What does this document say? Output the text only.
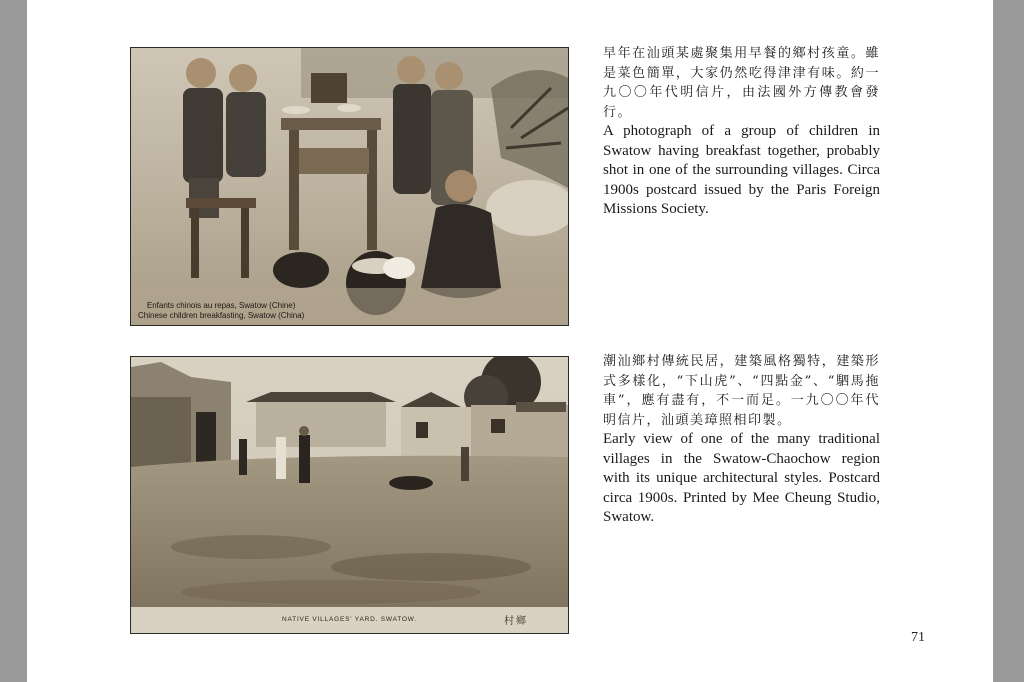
Enfants chinois au repas, Swatow (Chine)
Chinese children breakfasting, Swatow (China)
早年在汕頭某處聚集用早餐的鄉村孩童。雖是菜色簡單，大家仍然吃得津津有味。約一九〇〇年代明信片，由法國外方傳教會發行。
A photograph of a group of children in Swatow having breakfast together, probably shot in one of the surrounding villages. Circa 1900s postcard issued by the Paris Foreign Missions Society.
NATIVE VILLAGES' YARD. SWATOW.	村鄉
潮汕鄉村傳統民居，建築風格獨特，建築形式多樣化，“下山虎”、“四點金”、“駟馬拖車”，應有盡有，不一而足。一九〇〇年代明信片，汕頭美璋照相印製。
Early view of one of the many traditional villages in the Swatow-Chaochow region with its unique architectural styles. Postcard circa 1900s. Printed by Mee Cheung Studio, Swatow.
71
